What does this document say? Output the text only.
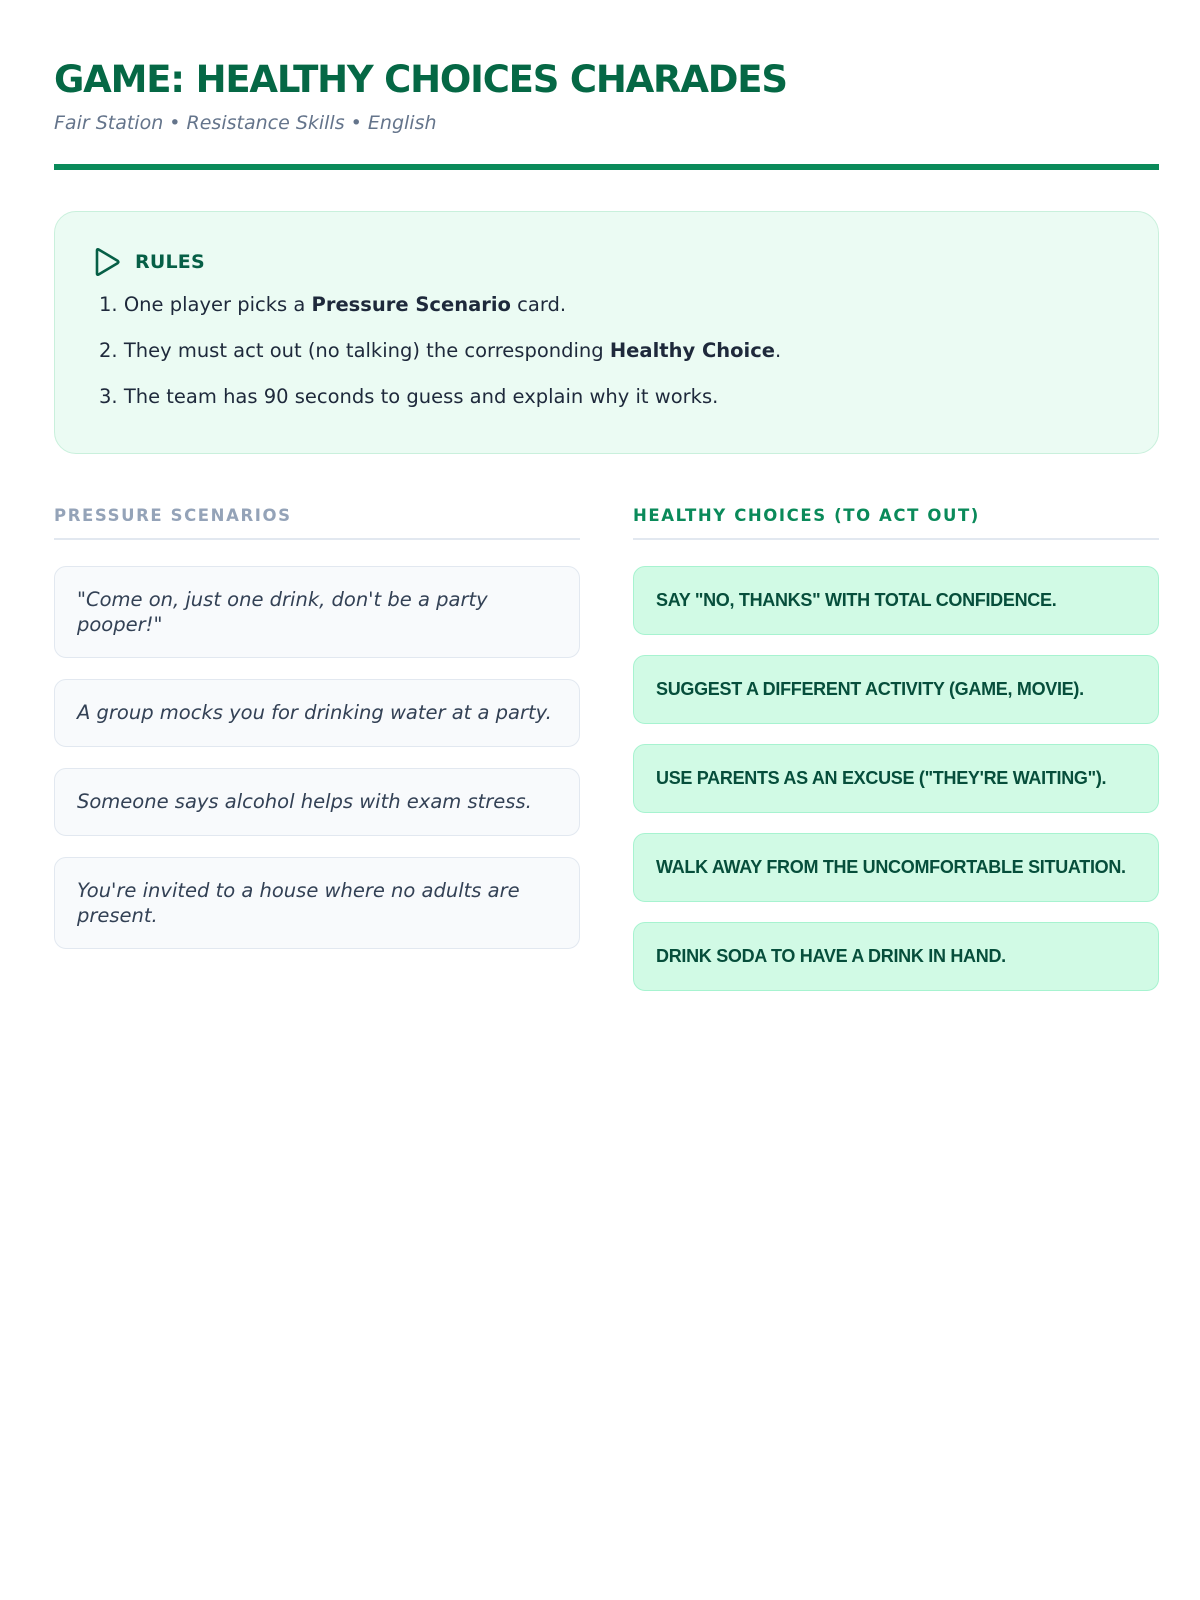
GAME: HEALTHY CHOICES CHARADES
Fair Station • Resistance Skills • English
RULES
1. One player picks a Pressure Scenario card.
2. They must act out (no talking) the corresponding Healthy Choice.
3. The team has 90 seconds to guess and explain why it works.
PRESSURE SCENARIOS
"Come on, just one drink, don't be a party pooper!"
A group mocks you for drinking water at a party.
Someone says alcohol helps with exam stress.
You're invited to a house where no adults are present.
HEALTHY CHOICES (TO ACT OUT)
SAY "NO, THANKS" WITH TOTAL CONFIDENCE.
SUGGEST A DIFFERENT ACTIVITY (GAME, MOVIE).
USE PARENTS AS AN EXCUSE ("THEY'RE WAITING").
WALK AWAY FROM THE UNCOMFORTABLE SITUATION.
DRINK SODA TO HAVE A DRINK IN HAND.
